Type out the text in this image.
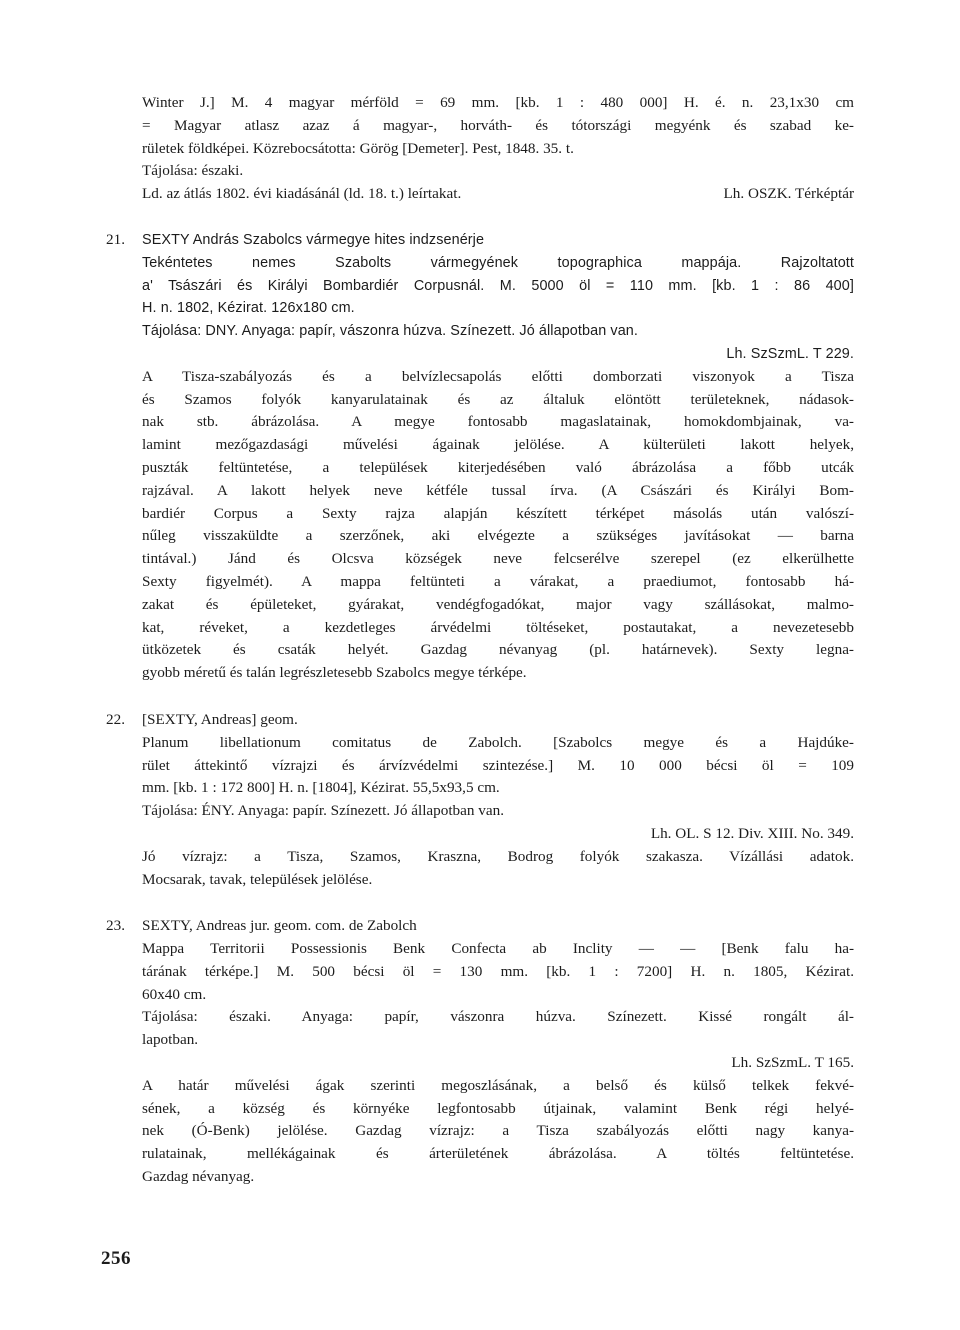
Winter J.] M. 4 magyar mérföld = 69 mm. [kb. 1 : 480 000] H. é. n. 23,1x30 cm
= Magyar atlasz azaz á magyar-, horváth- és tótországi megyénk és szabad ke-
rületek földképei. Közrebocsátotta: Görög [Demeter]. Pest, 1848. 35. t.
Tájolása: északi.
Lh. OSZK. Térképtár
Ld. az átlás 1802. évi kiadásánál (ld. 18. t.) leírtakat.
21. SEXTY András Szabolcs vármegye hites indzsenérje
Tekéntetes nemes Szabolts vármegyének topographica mappája. Rajzoltatott
a' Tsászári és Királyi Bombardiér Corpusnál. M. 5000 öl = 110 mm. [kb. 1 : 86 400]
H. n. 1802, Kézirat. 126x180 cm.
Tájolása: DNY. Anyaga: papír, vászonra húzva. Színezett. Jó állapotban van.
Lh. SzSzmL. T 229.
A Tisza-szabályozás és a belvízlecsapolás előtti domborzati viszonyok a Tisza
és Szamos folyók kanyarulatainak és az általuk elöntött területeknek, nádasok-
nak stb. ábrázolása. A megye fontosabb magaslatainak, homokdombjainak, va-
lamint mezőgazdasági művelési ágainak jelölése. A külterületi lakott helyek,
puszták feltüntetése, a települések kiterjedésében való ábrázolása a főbb utcák
rajzával. A lakott helyek neve kétféle tussal írva. (A Császári és Királyi Bom-
bardiér Corpus a Sexty rajza alapján készített térképet másolás után valószí-
nűleg visszaküldte a szerzőnek, aki elvégezte a szükséges javításokat — barna
tintával.) Jánd és Olcsva községek neve felcserélve szerepel (ez elkerülhette
Sexty figyelmét). A mappa feltünteti a várakat, a praediumot, fontosabb há-
zakat és épületeket, gyárakat, vendégfogadókat, major vagy szállásokat, malmo-
kat, réveket, a kezdetleges árvédelmi töltéseket, postautakat, a nevezetesebb
ütközetek és csaták helyét. Gazdag névanyag (pl. határnevek). Sexty legna-
gyobb méretű és talán legrészletesebb Szabolcs megye térképe.
22. [SEXTY, Andreas] geom.
Planum libellationum comitatus de Zabolch. [Szabolcs megye és a Hajdúke-
rület áttekintő vízrajzi és árvízvédelmi szintezése.] M. 10 000 bécsi öl = 109
mm. [kb. 1 : 172 800] H. n. [1804], Kézirat. 55,5x93,5 cm.
Tájolása: ÉNY. Anyaga: papír. Színezett. Jó állapotban van.
Lh. OL. S 12. Div. XIII. No. 349.
Jó vízrajz: a Tisza, Szamos, Kraszna, Bodrog folyók szakasza. Vízállási adatok.
Mocsarak, tavak, települések jelölése.
23. SEXTY, Andreas jur. geom. com. de Zabolch
Mappa Territorii Possessionis Benk Confecta ab Inclity — — [Benk falu ha-
tárának térképe.] M. 500 bécsi öl = 130 mm. [kb. 1 : 7200] H. n. 1805, Kézirat.
60x40 cm.
Tájolása: északi. Anyaga: papír, vászonra húzva. Színezett. Kissé rongált ál-
lapotban.
Lh. SzSzmL. T 165.
A határ művelési ágak szerinti megoszlásának, a belső és külső telkek fekvé-
sének, a község és környéke legfontosabb útjainak, valamint Benk régi helyé-
nek (Ó-Benk) jelölése. Gazdag vízrajz: a Tisza szabályozás előtti nagy kanya-
rulatainak, mellékágainak és árterületének ábrázolása. A töltés feltüntetése.
Gazdag névanyag.
256
